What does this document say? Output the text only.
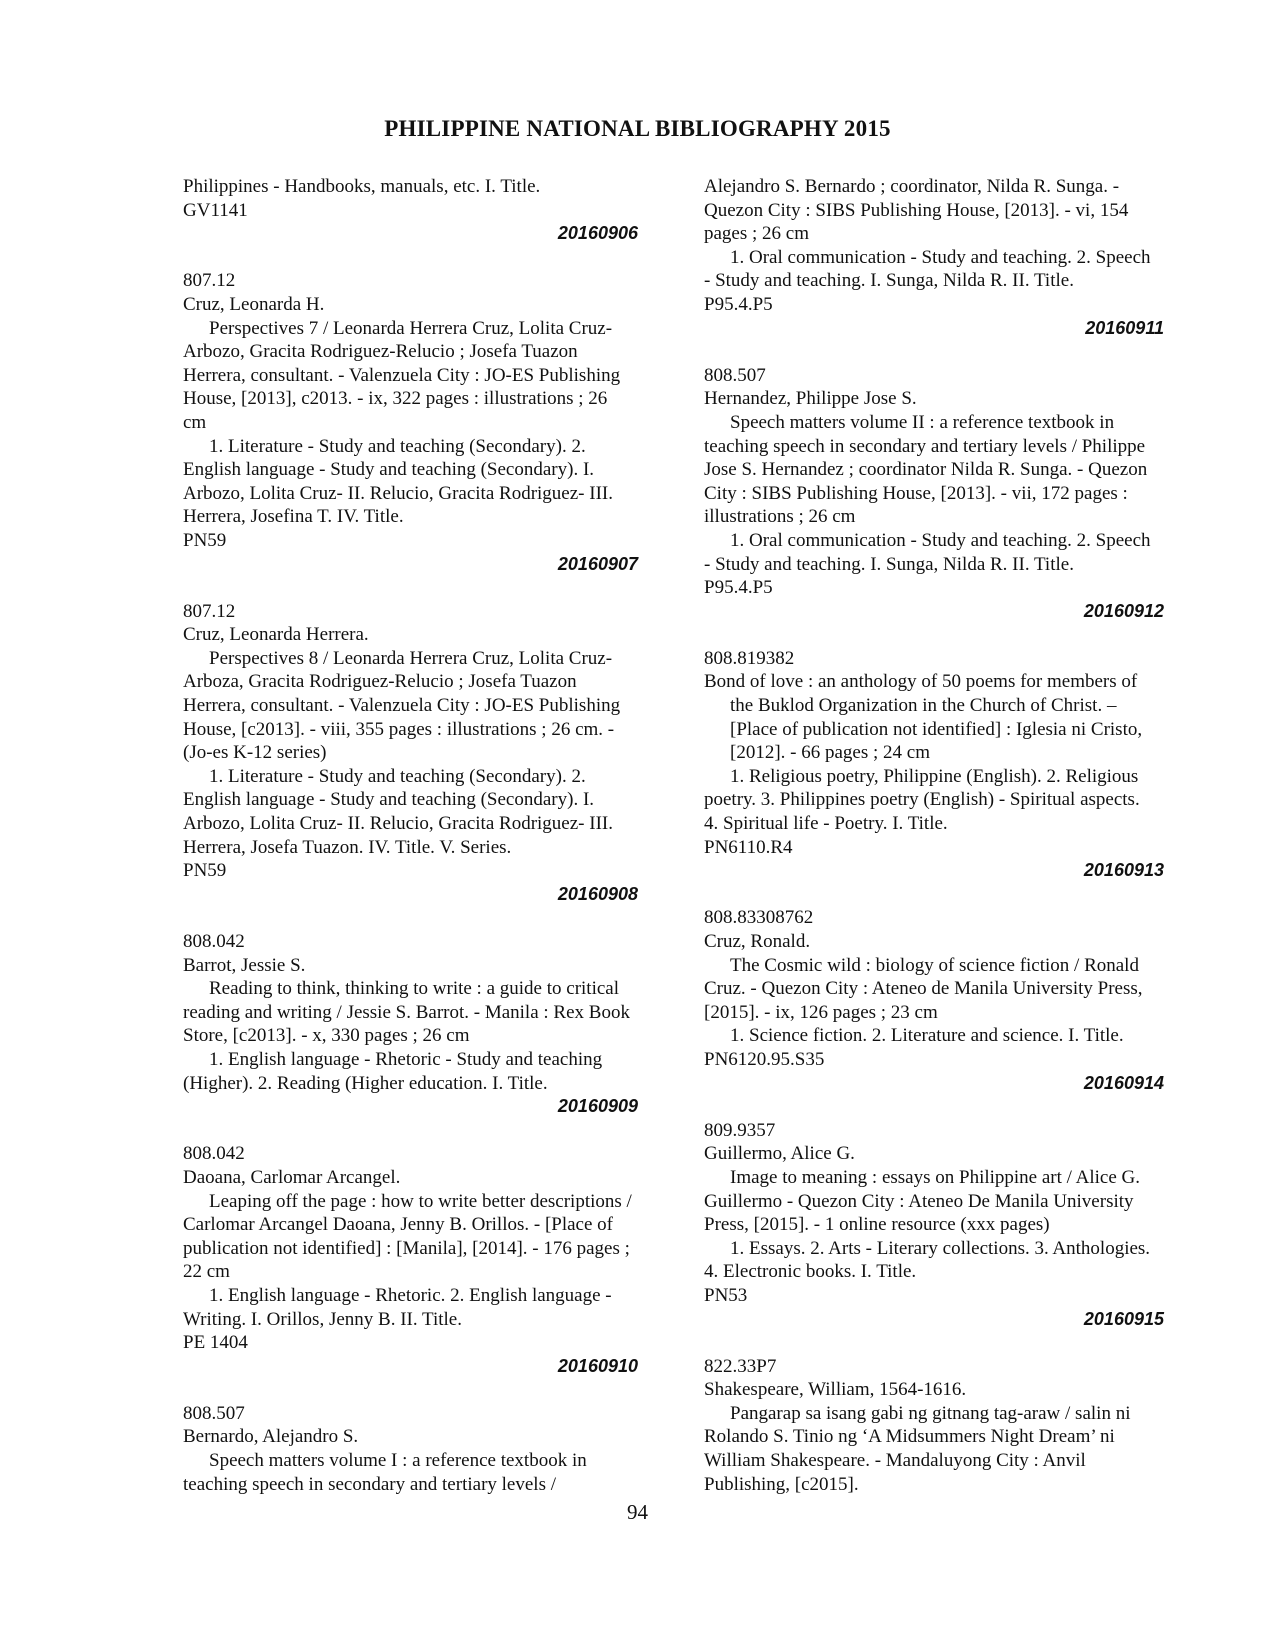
PHILIPPINE NATIONAL BIBLIOGRAPHY 2015
Philippines - Handbooks, manuals, etc. I. Title.
GV1141
20160906
807.12
Cruz, Leonarda H.
Perspectives 7 / Leonarda Herrera Cruz, Lolita Cruz-
Arbozo, Gracita Rodriguez-Relucio ; Josefa Tuazon
Herrera, consultant. - Valenzuela City : JO-ES Publishing
House, [2013], c2013. - ix, 322 pages : illustrations ; 26
cm
1. Literature - Study and teaching (Secondary). 2.
English language - Study and teaching (Secondary). I.
Arbozo, Lolita Cruz- II. Relucio, Gracita Rodriguez- III.
Herrera, Josefina T. IV. Title.
PN59
20160907
807.12
Cruz, Leonarda Herrera.
Perspectives 8 / Leonarda Herrera Cruz, Lolita Cruz-
Arboza, Gracita Rodriguez-Relucio ; Josefa Tuazon
Herrera, consultant. - Valenzuela City : JO-ES Publishing
House, [c2013]. - viii, 355 pages : illustrations ; 26 cm. -
(Jo-es K-12 series)
1. Literature - Study and teaching (Secondary). 2.
English language - Study and teaching (Secondary). I.
Arbozo, Lolita Cruz- II. Relucio, Gracita Rodriguez- III.
Herrera, Josefa Tuazon. IV. Title. V. Series.
PN59
20160908
808.042
Barrot, Jessie S.
Reading to think, thinking to write : a guide to critical
reading and writing / Jessie S. Barrot. - Manila : Rex Book
Store, [c2013]. - x, 330 pages ; 26 cm
1. English language - Rhetoric - Study and teaching
(Higher). 2. Reading (Higher education. I. Title.
20160909
808.042
Daoana, Carlomar Arcangel.
Leaping off the page : how to write better descriptions /
Carlomar Arcangel Daoana, Jenny B. Orillos. - [Place of
publication not identified] : [Manila], [2014]. - 176 pages ;
22 cm
1. English language - Rhetoric. 2. English language -
Writing. I. Orillos, Jenny B. II. Title.
PE 1404
20160910
808.507
Bernardo, Alejandro S.
Speech matters volume I : a reference textbook in
teaching speech in secondary and tertiary levels /
Alejandro S. Bernardo ; coordinator, Nilda R. Sunga. -
Quezon City : SIBS Publishing House, [2013]. - vi, 154
pages ; 26 cm
1. Oral communication - Study and teaching. 2. Speech
- Study and teaching. I. Sunga, Nilda R. II. Title.
P95.4.P5
20160911
808.507
Hernandez, Philippe Jose S.
Speech matters volume II : a reference textbook in
teaching speech in secondary and tertiary levels / Philippe
Jose S. Hernandez ; coordinator Nilda R. Sunga. - Quezon
City : SIBS Publishing House, [2013]. - vii, 172 pages :
illustrations ; 26 cm
1. Oral communication - Study and teaching. 2. Speech
- Study and teaching. I. Sunga, Nilda R. II. Title.
P95.4.P5
20160912
808.819382
Bond of love : an anthology of 50 poems for members of
the Buklod Organization in the Church of Christ. –
[Place of publication not identified] : Iglesia ni Cristo,
[2012]. - 66 pages ; 24 cm
1. Religious poetry, Philippine (English). 2. Religious
poetry. 3. Philippines poetry (English) - Spiritual aspects.
4. Spiritual life - Poetry. I. Title.
PN6110.R4
20160913
808.83308762
Cruz, Ronald.
The Cosmic wild : biology of science fiction / Ronald
Cruz. - Quezon City : Ateneo de Manila University Press,
[2015]. - ix, 126 pages ; 23 cm
1. Science fiction. 2. Literature and science. I. Title.
PN6120.95.S35
20160914
809.9357
Guillermo, Alice G.
Image to meaning : essays on Philippine art / Alice G.
Guillermo - Quezon City : Ateneo De Manila University
Press, [2015]. - 1 online resource (xxx pages)
1. Essays. 2. Arts - Literary collections. 3. Anthologies.
4. Electronic books. I. Title.
PN53
20160915
822.33P7
Shakespeare, William, 1564-1616.
Pangarap sa isang gabi ng gitnang tag-araw / salin ni
Rolando S. Tinio ng ‘A Midsummers Night Dream’ ni
William Shakespeare. - Mandaluyong City : Anvil
Publishing, [c2015].
94
